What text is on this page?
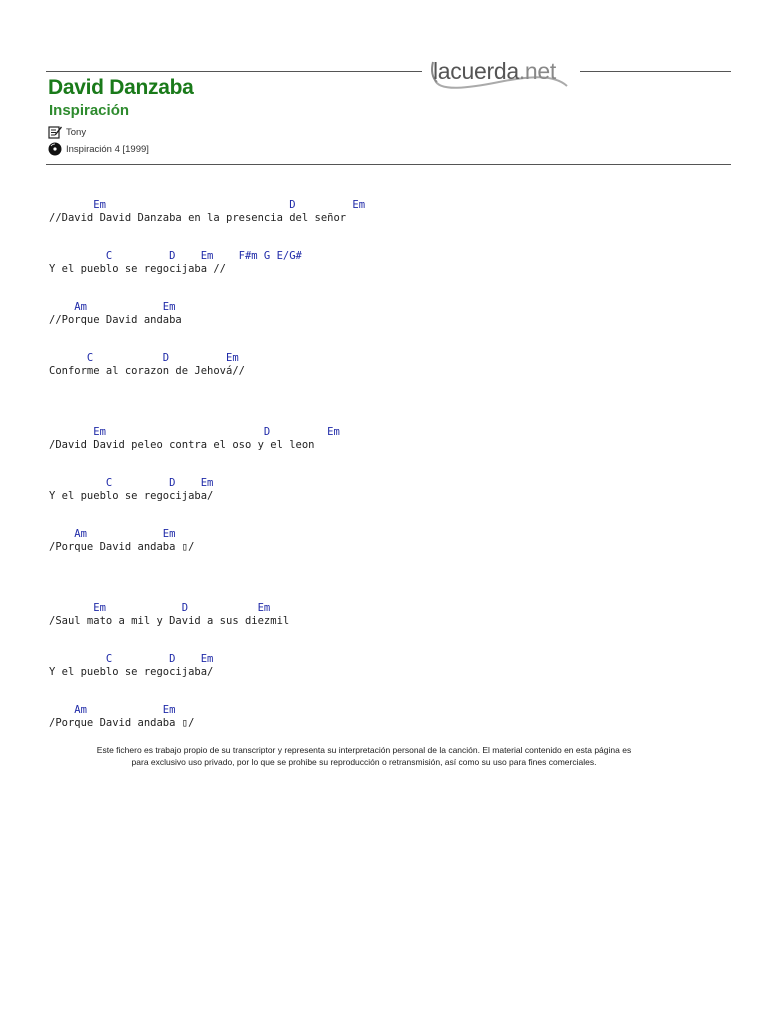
lacuerda.net
David Danzaba
Inspiración
Tony
Inspiración 4 [1999]
Em                             D         Em
//David David Danzaba en la presencia del señor
C         D    Em    F#m G E/G#
Y el pueblo se regocijaba //
Am            Em
//Porque David andaba
C           D         Em
Conforme al corazon de Jehová//
Em                         D         Em
/David David peleo contra el oso y el leon
C         D    Em
Y el pueblo se regocijaba/
Am            Em
/Porque David andaba ▯/
Em            D           Em
/Saul mato a mil y David a sus diezmil
C         D    Em
Y el pueblo se regocijaba/
Am            Em
/Porque David andaba ▯/
Este fichero es trabajo propio de su transcriptor y representa su interpretación personal de la canción. El material contenido en esta página es
para exclusivo uso privado, por lo que se prohibe su reproducción o retransmisión, así como su uso para fines comerciales.
